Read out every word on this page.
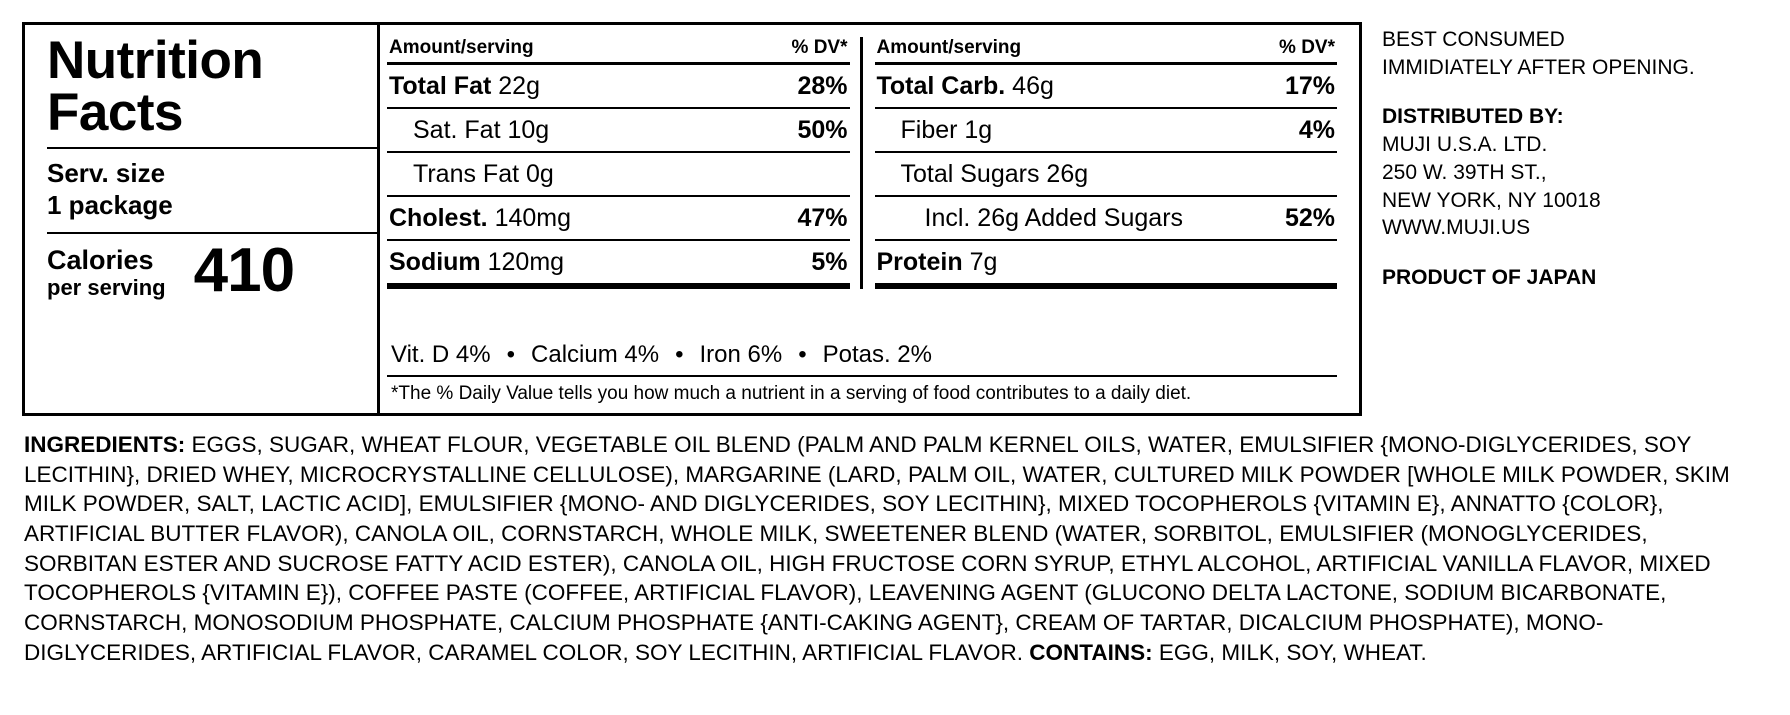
Nutrition
Facts
Serv. size
1 package
Calories
per serving 410
Amount/serving	% DV*
Total Fat 22g	28%
Sat. Fat 10g	50%
Trans Fat 0g
Cholest. 140mg	47%
Sodium 120mg	5%
Amount/serving	% DV*
Total Carb. 46g	17%
Fiber 1g	4%
Total Sugars 26g
Incl. 26g Added Sugars	52%
Protein 7g
Vit. D 4% • Calcium 4% • Iron 6% • Potas. 2%
*The % Daily Value tells you how much a nutrient in a serving of food contributes to a daily diet.
BEST CONSUMED
IMMIDIATELY AFTER OPENING.
DISTRIBUTED BY:
MUJI U.S.A. LTD.
250 W. 39TH ST.,
NEW YORK, NY 10018
WWW.MUJI.US
PRODUCT OF JAPAN
INGREDIENTS: EGGS, SUGAR, WHEAT FLOUR, VEGETABLE OIL BLEND (PALM AND PALM KERNEL OILS, WATER, EMULSIFIER {MONO-DIGLYCERIDES, SOY LECITHIN}, DRIED WHEY, MICROCRYSTALLINE CELLULOSE), MARGARINE (LARD, PALM OIL, WATER, CULTURED MILK POWDER [WHOLE MILK POWDER, SKIM MILK POWDER, SALT, LACTIC ACID], EMULSIFIER {MONO- AND DIGLYCERIDES, SOY LECITHIN}, MIXED TOCOPHEROLS {VITAMIN E}, ANNATTO {COLOR}, ARTIFICIAL BUTTER FLAVOR), CANOLA OIL, CORNSTARCH, WHOLE MILK, SWEETENER BLEND (WATER, SORBITOL, EMULSIFIER (MONOGLYCERIDES, SORBITAN ESTER AND SUCROSE FATTY ACID ESTER), CANOLA OIL, HIGH FRUCTOSE CORN SYRUP, ETHYL ALCOHOL, ARTIFICIAL VANILLA FLAVOR, MIXED TOCOPHEROLS {VITAMIN E}), COFFEE PASTE (COFFEE, ARTIFICIAL FLAVOR), LEAVENING AGENT (GLUCONO DELTA LACTONE, SODIUM BICARBONATE, CORNSTARCH, MONOSODIUM PHOSPHATE, CALCIUM PHOSPHATE {ANTI-CAKING AGENT}, CREAM OF TARTAR, DICALCIUM PHOSPHATE), MONO-DIGLYCERIDES, ARTIFICIAL FLAVOR, CARAMEL COLOR, SOY LECITHIN, ARTIFICIAL FLAVOR. CONTAINS: EGG, MILK, SOY, WHEAT.
